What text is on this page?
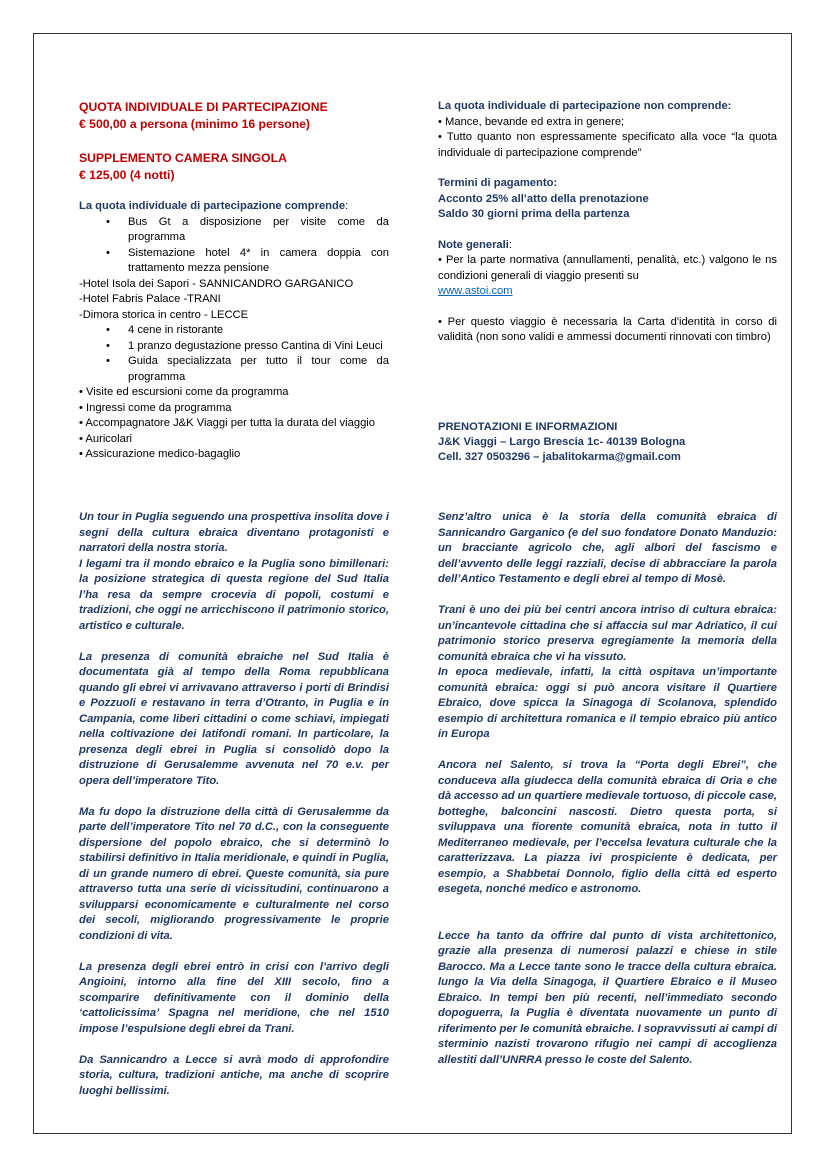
QUOTA INDIVIDUALE DI PARTECIPAZIONE

€ 500,00 a persona (minimo 16 persone)

SUPPLEMENTO CAMERA SINGOLA

€ 125,00 (4 notti)

La quota individuale di partecipazione comprende:

• Bus Gt a disposizione per visite come da programma
• Sistemazione hotel 4* in camera doppia con trattamento mezza pensione

-Hotel Isola dei Sapori - SANNICANDRO GARGANICO

-Hotel Fabris Palace -TRANI

-Dimora storica in centro - LECCE

• 4 cene in ristorante
• 1 pranzo degustazione presso Cantina di Vini Leuci
• Guida specializzata per tutto il tour come da programma

• Visite ed escursioni come da programma

• Ingressi come da programma

• Accompagnatore J&K Viaggi per tutta la durata del viaggio

• Auricolari

• Assicurazione medico-bagaglio

La quota individuale di partecipazione non comprende:

• Mance, bevande ed extra in genere;

• Tutto quanto non espressamente specificato alla voce “la quota individuale di partecipazione comprende”

Termini di pagamento:

Acconto 25% all’atto della prenotazione

Saldo 30 giorni prima della partenza

Note generali:

• Per la parte normativa (annullamenti, penalità, etc.) valgono le ns condizioni generali di viaggio presenti su
www.astoi.com

• Per questo viaggio è necessaria la Carta d'identità in corso di validità (non sono validi e ammessi documenti rinnovati con timbro)

PRENOTAZIONI E INFORMAZIONI

J&K Viaggi – Largo Brescia 1c- 40139 Bologna

Cell. 327 0503296 – jabalitokarma@gmail.com

Un tour in Puglia seguendo una prospettiva insolita dove i segni della cultura ebraica diventano protagonisti e narratori della nostra storia.

I legami tra il mondo ebraico e la Puglia sono bimillenari: la posizione strategica di questa regione del Sud Italia l’ha resa da sempre crocevia di popoli, costumi e tradizioni, che oggi ne arricchiscono il patrimonio storico, artistico e culturale.

La presenza di comunità ebraiche nel Sud Italia è documentata già al tempo della Roma repubblicana quando gli ebrei vi arrivavano attraverso i porti di Brindisi e Pozzuoli e restavano in terra d’Otranto, in Puglia e in Campania, come liberi cittadini o come schiavi, impiegati nella coltivazione dei latifondi romani. In particolare, la presenza degli ebrei in Puglia si consolidò dopo la distruzione di Gerusalemme avvenuta nel 70 e.v. per opera dell’imperatore Tito.

Ma fu dopo la distruzione della città di Gerusalemme da parte dell’imperatore Tito nel 70 d.C., con la conseguente dispersione del popolo ebraico, che si determinò lo stabilirsi definitivo in Italia meridionale, e quindi in Puglia, di un grande numero di ebrei. Queste comunità, sia pure attraverso tutta una serie di vicissitudini, continuarono a svilupparsi economicamente e culturalmente nel corso dei secoli, migliorando progressivamente le proprie condizioni di vita.

La presenza degli ebrei entrò in crisi con l’arrivo degli Angioini, intorno alla fine del XIII secolo, fino a scomparire definitivamente con il dominio della ‘cattolicissima’ Spagna nel meridione, che nel 1510 impose l’espulsione degli ebrei da Trani.

Da Sannicandro a Lecce si avrà modo di approfondire storia, cultura, tradizioni antiche, ma anche di scoprire luoghi bellissimi.

Senz’altro unica è la storia della comunità ebraica di Sannicandro Garganico (e del suo fondatore Donato Manduzio: un bracciante agricolo che, agli albori del fascismo e dell’avvento delle leggi razziali, decise di abbracciare la parola dell’Antico Testamento e degli ebrei al tempo di Mosè.

Trani è uno dei più bei centri ancora intriso di cultura ebraica: un’incantevole cittadina che si affaccia sul mar Adriatico, il cui patrimonio storico preserva egregiamente la memoria della comunità ebraica che vi ha vissuto.

In epoca medievale, infatti, la città ospitava un’importante comunità ebraica: oggi si può ancora visitare il Quartiere Ebraico, dove spicca la Sinagoga di Scolanova, splendido esempio di architettura romanica e il tempio ebraico più antico in Europa

Ancora nel Salento, si trova la “Porta degli Ebrei”, che conduceva alla giudecca della comunità ebraica di Oria e che dà accesso ad un quartiere medievale tortuoso, di piccole case, botteghe, balconcini nascosti. Dietro questa porta, si sviluppava una fiorente comunità ebraica, nota in tutto il Mediterraneo medievale, per l’eccelsa levatura culturale che la caratterizzava. La piazza ivi prospiciente è dedicata, per esempio, a Shabbetai Donnolo, figlio della città ed esperto esegeta, nonché medico e astronomo.

Lecce ha tanto da offrire dal punto di vista architettonico, grazie alla presenza di numerosi palazzi e chiese in stile Barocco. Ma a Lecce tante sono le tracce della cultura ebraica. lungo la Via della Sinagoga, il Quartiere Ebraico e il Museo Ebraico. In tempi ben più recenti, nell’immediato secondo dopoguerra, la Puglia è diventata nuovamente un punto di riferimento per le comunità ebraiche. I sopravvissuti ai campi di sterminio nazisti trovarono rifugio nei campi di accoglienza allestiti dall’UNRRA presso le coste del Salento.
